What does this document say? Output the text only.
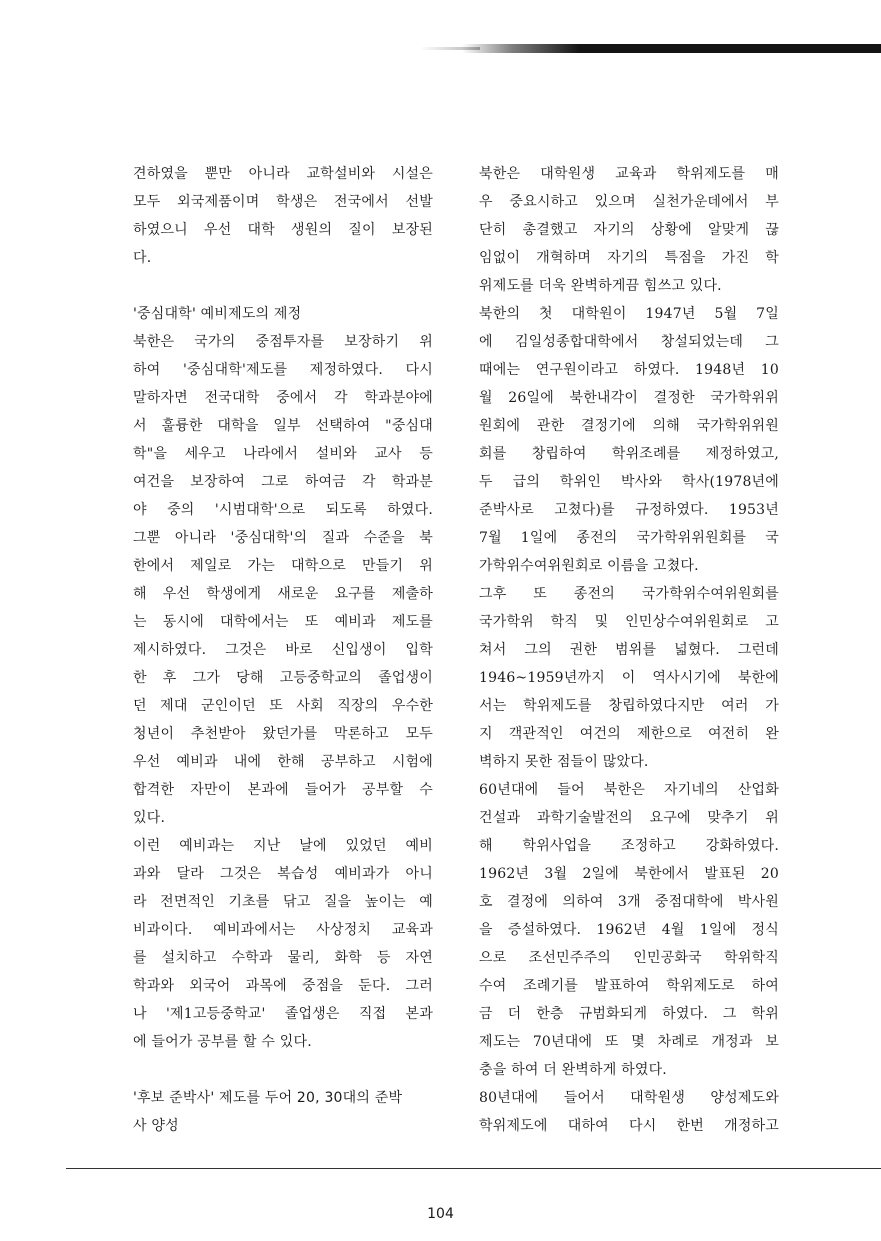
견하였을 뿐만 아니라 교학설비와 시설은
모두 외국제품이며 학생은 전국에서 선발
하였으니 우선 대학 생원의 질이 보장된
다.
'중심대학' 예비제도의 제정
북한은 국가의 중점투자를 보장하기 위
하여 '중심대학'제도를 제정하였다. 다시
말하자면 전국대학 중에서 각 학과분야에
서 훌륭한 대학을 일부 선택하여 "중심대
학"을 세우고 나라에서 설비와 교사 등
여건을 보장하여 그로 하여금 각 학과분
야 중의 '시범대학'으로 되도록 하였다.
그뿐 아니라 '중심대학'의 질과 수준을 북
한에서 제일로 가는 대학으로 만들기 위
해 우선 학생에게 새로운 요구를 제출하
는 동시에 대학에서는 또 예비과 제도를
제시하였다. 그것은 바로 신입생이 입학
한 후 그가 당해 고등중학교의 졸업생이
던 제대 군인이던 또 사회 직장의 우수한
청년이 추천받아 왔던가를 막론하고 모두
우선 예비과 내에 한해 공부하고 시험에
합격한 자만이 본과에 들어가 공부할 수
있다.
이런 예비과는 지난 날에 있었던 예비
과와 달라 그것은 복습성 예비과가 아니
라 전면적인 기초를 닦고 질을 높이는 예
비과이다. 예비과에서는 사상정치 교육과
를 설치하고 수학과 물리, 화학 등 자연
학과와 외국어 과목에 중점을 둔다. 그러
나 '제1고등중학교' 졸업생은 직접 본과
에 들어가 공부를 할 수 있다.
'후보 준박사' 제도를 두어 20, 30대의 준박
사 양성
북한은 대학원생 교육과 학위제도를 매
우 중요시하고 있으며 실천가운데에서 부
단히 총결했고 자기의 상황에 알맞게 끊
임없이 개혁하며 자기의 특점을 가진 학
위제도를 더욱 완벽하게끔 힘쓰고 있다.
북한의 첫 대학원이 1947년 5월 7일
에 김일성종합대학에서 창설되었는데 그
때에는 연구원이라고 하였다. 1948년 10
월 26일에 북한내각이 결정한 국가학위위
원회에 관한 결정기에 의해 국가학위위원
회를 창립하여 학위조례를 제정하였고,
두 급의 학위인 박사와 학사(1978년에
준박사로 고쳤다)를 규정하였다. 1953년
7월 1일에 종전의 국가학위위원회를 국
가학위수여위원회로 이름을 고쳤다.
그후 또 종전의 국가학위수여위원회를
국가학위 학직 및 인민상수여위원회로 고
쳐서 그의 권한 범위를 넓혔다. 그런데
1946~1959년까지 이 역사시기에 북한에
서는 학위제도를 창립하였다지만 여러 가
지 객관적인 여건의 제한으로 여전히 완
벽하지 못한 점들이 많았다.
60년대에 들어 북한은 자기네의 산업화
건설과 과학기술발전의 요구에 맞추기 위
해 학위사업을 조정하고 강화하였다.
1962년 3월 2일에 북한에서 발표된 20
호 결정에 의하여 3개 중점대학에 박사원
을 증설하였다. 1962년 4월 1일에 정식
으로 조선민주주의 인민공화국 학위학직
수여 조례기를 발표하여 학위제도로 하여
금 더 한층 규범화되게 하였다. 그 학위
제도는 70년대에 또 몇 차례로 개정과 보
충을 하여 더 완벽하게 하였다.
80년대에 들어서 대학원생 양성제도와
학위제도에 대하여 다시 한번 개정하고
104
